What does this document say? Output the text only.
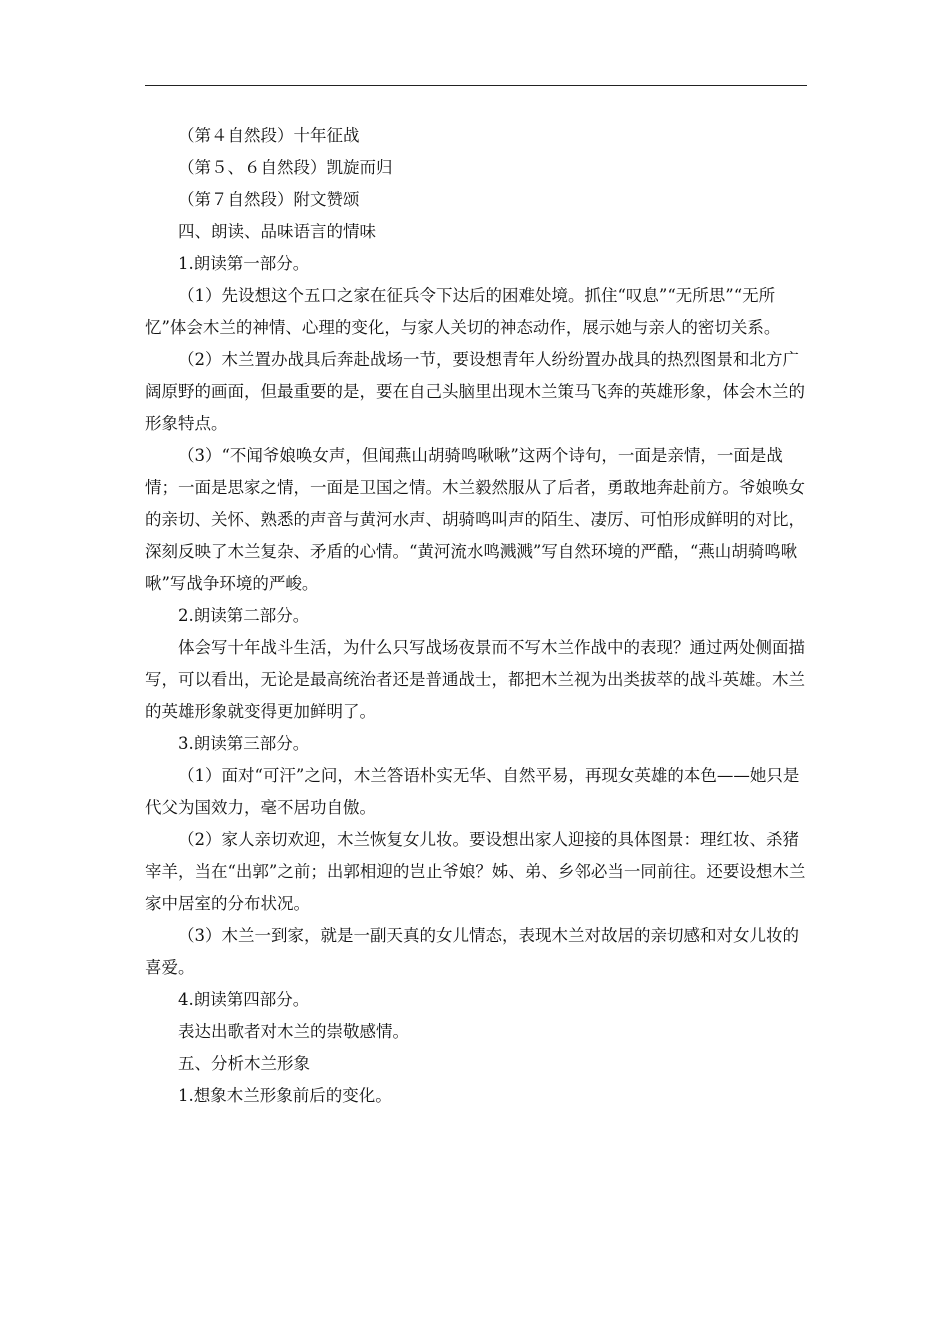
（第４自然段）十年征战

（第５、６自然段）凯旋而归

（第７自然段）附文赞颂

四、朗读、品味语言的情味

1.朗读第一部分。

（1）先设想这个五口之家在征兵令下达后的困难处境。抓住“叹息”“无所思”“无所忆”体会木兰的神情、心理的变化，与家人关切的神态动作，展示她与亲人的密切关系。

（2）木兰置办战具后奔赴战场一节，要设想青年人纷纷置办战具的热烈图景和北方广阔原野的画面，但最重要的是，要在自己头脑里出现木兰策马飞奔的英雄形象，体会木兰的形象特点。

（3）“不闻爷娘唤女声，但闻燕山胡骑鸣啾啾”这两个诗句，一面是亲情，一面是战情；一面是思家之情，一面是卫国之情。木兰毅然服从了后者，勇敢地奔赴前方。爷娘唤女的亲切、关怀、熟悉的声音与黄河水声、胡骑鸣叫声的陌生、凄厉、可怕形成鲜明的对比，深刻反映了木兰复杂、矛盾的心情。“黄河流水鸣溅溅”写自然环境的严酷，“燕山胡骑鸣啾啾”写战争环境的严峻。

2.朗读第二部分。

体会写十年战斗生活，为什么只写战场夜景而不写木兰作战中的表现？通过两处侧面描写，可以看出，无论是最高统治者还是普通战士，都把木兰视为出类拔萃的战斗英雄。木兰的英雄形象就变得更加鲜明了。

3.朗读第三部分。

（1）面对“可汗”之问，木兰答语朴实无华、自然平易，再现女英雄的本色——她只是代父为国效力，毫不居功自傲。

（2）家人亲切欢迎，木兰恢复女儿妆。要设想出家人迎接的具体图景：理红妆、杀猪宰羊，当在“出郭”之前；出郭相迎的岂止爷娘？姊、弟、乡邻必当一同前往。还要设想木兰家中居室的分布状况。

（3）木兰一到家，就是一副天真的女儿情态，表现木兰对故居的亲切感和对女儿妆的喜爱。

4.朗读第四部分。

表达出歌者对木兰的崇敬感情。

五、分析木兰形象

1.想象木兰形象前后的变化。
